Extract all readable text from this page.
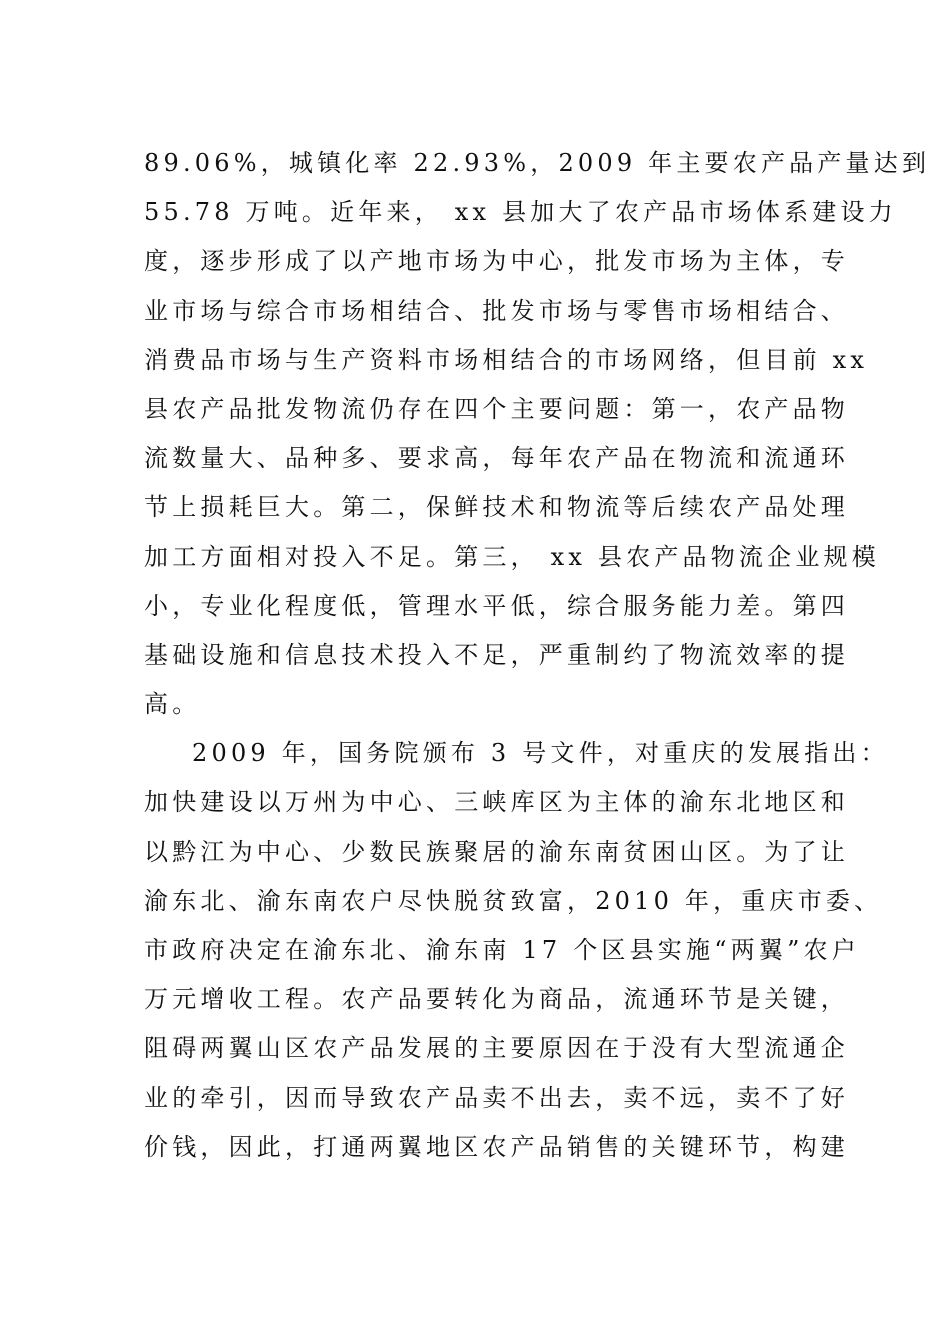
89.06%，城镇化率 22.93%，2009 年主要农产品产量达到
55.78 万吨。近年来， xx 县加大了农产品市场体系建设力
度，逐步形成了以产地市场为中心，批发市场为主体，专
业市场与综合市场相结合、批发市场与零售市场相结合、
消费品市场与生产资料市场相结合的市场网络，但目前 xx
县农产品批发物流仍存在四个主要问题：第一，农产品物
流数量大、品种多、要求高，每年农产品在物流和流通环
节上损耗巨大。第二，保鲜技术和物流等后续农产品处理
加工方面相对投入不足。第三， xx 县农产品物流企业规模
小，专业化程度低，管理水平低，综合服务能力差。第四
基础设施和信息技术投入不足，严重制约了物流效率的提
高。
2009 年，国务院颁布 3 号文件，对重庆的发展指出：
加快建设以万州为中心、三峡库区为主体的渝东北地区和
以黔江为中心、少数民族聚居的渝东南贫困山区。为了让
渝东北、渝东南农户尽快脱贫致富，2010 年，重庆市委、
市政府决定在渝东北、渝东南 17 个区县实施“两翼”农户
万元增收工程。农产品要转化为商品，流通环节是关键，
阻碍两翼山区农产品发展的主要原因在于没有大型流通企
业的牵引，因而导致农产品卖不出去，卖不远，卖不了好
价钱，因此，打通两翼地区农产品销售的关键环节，构建
